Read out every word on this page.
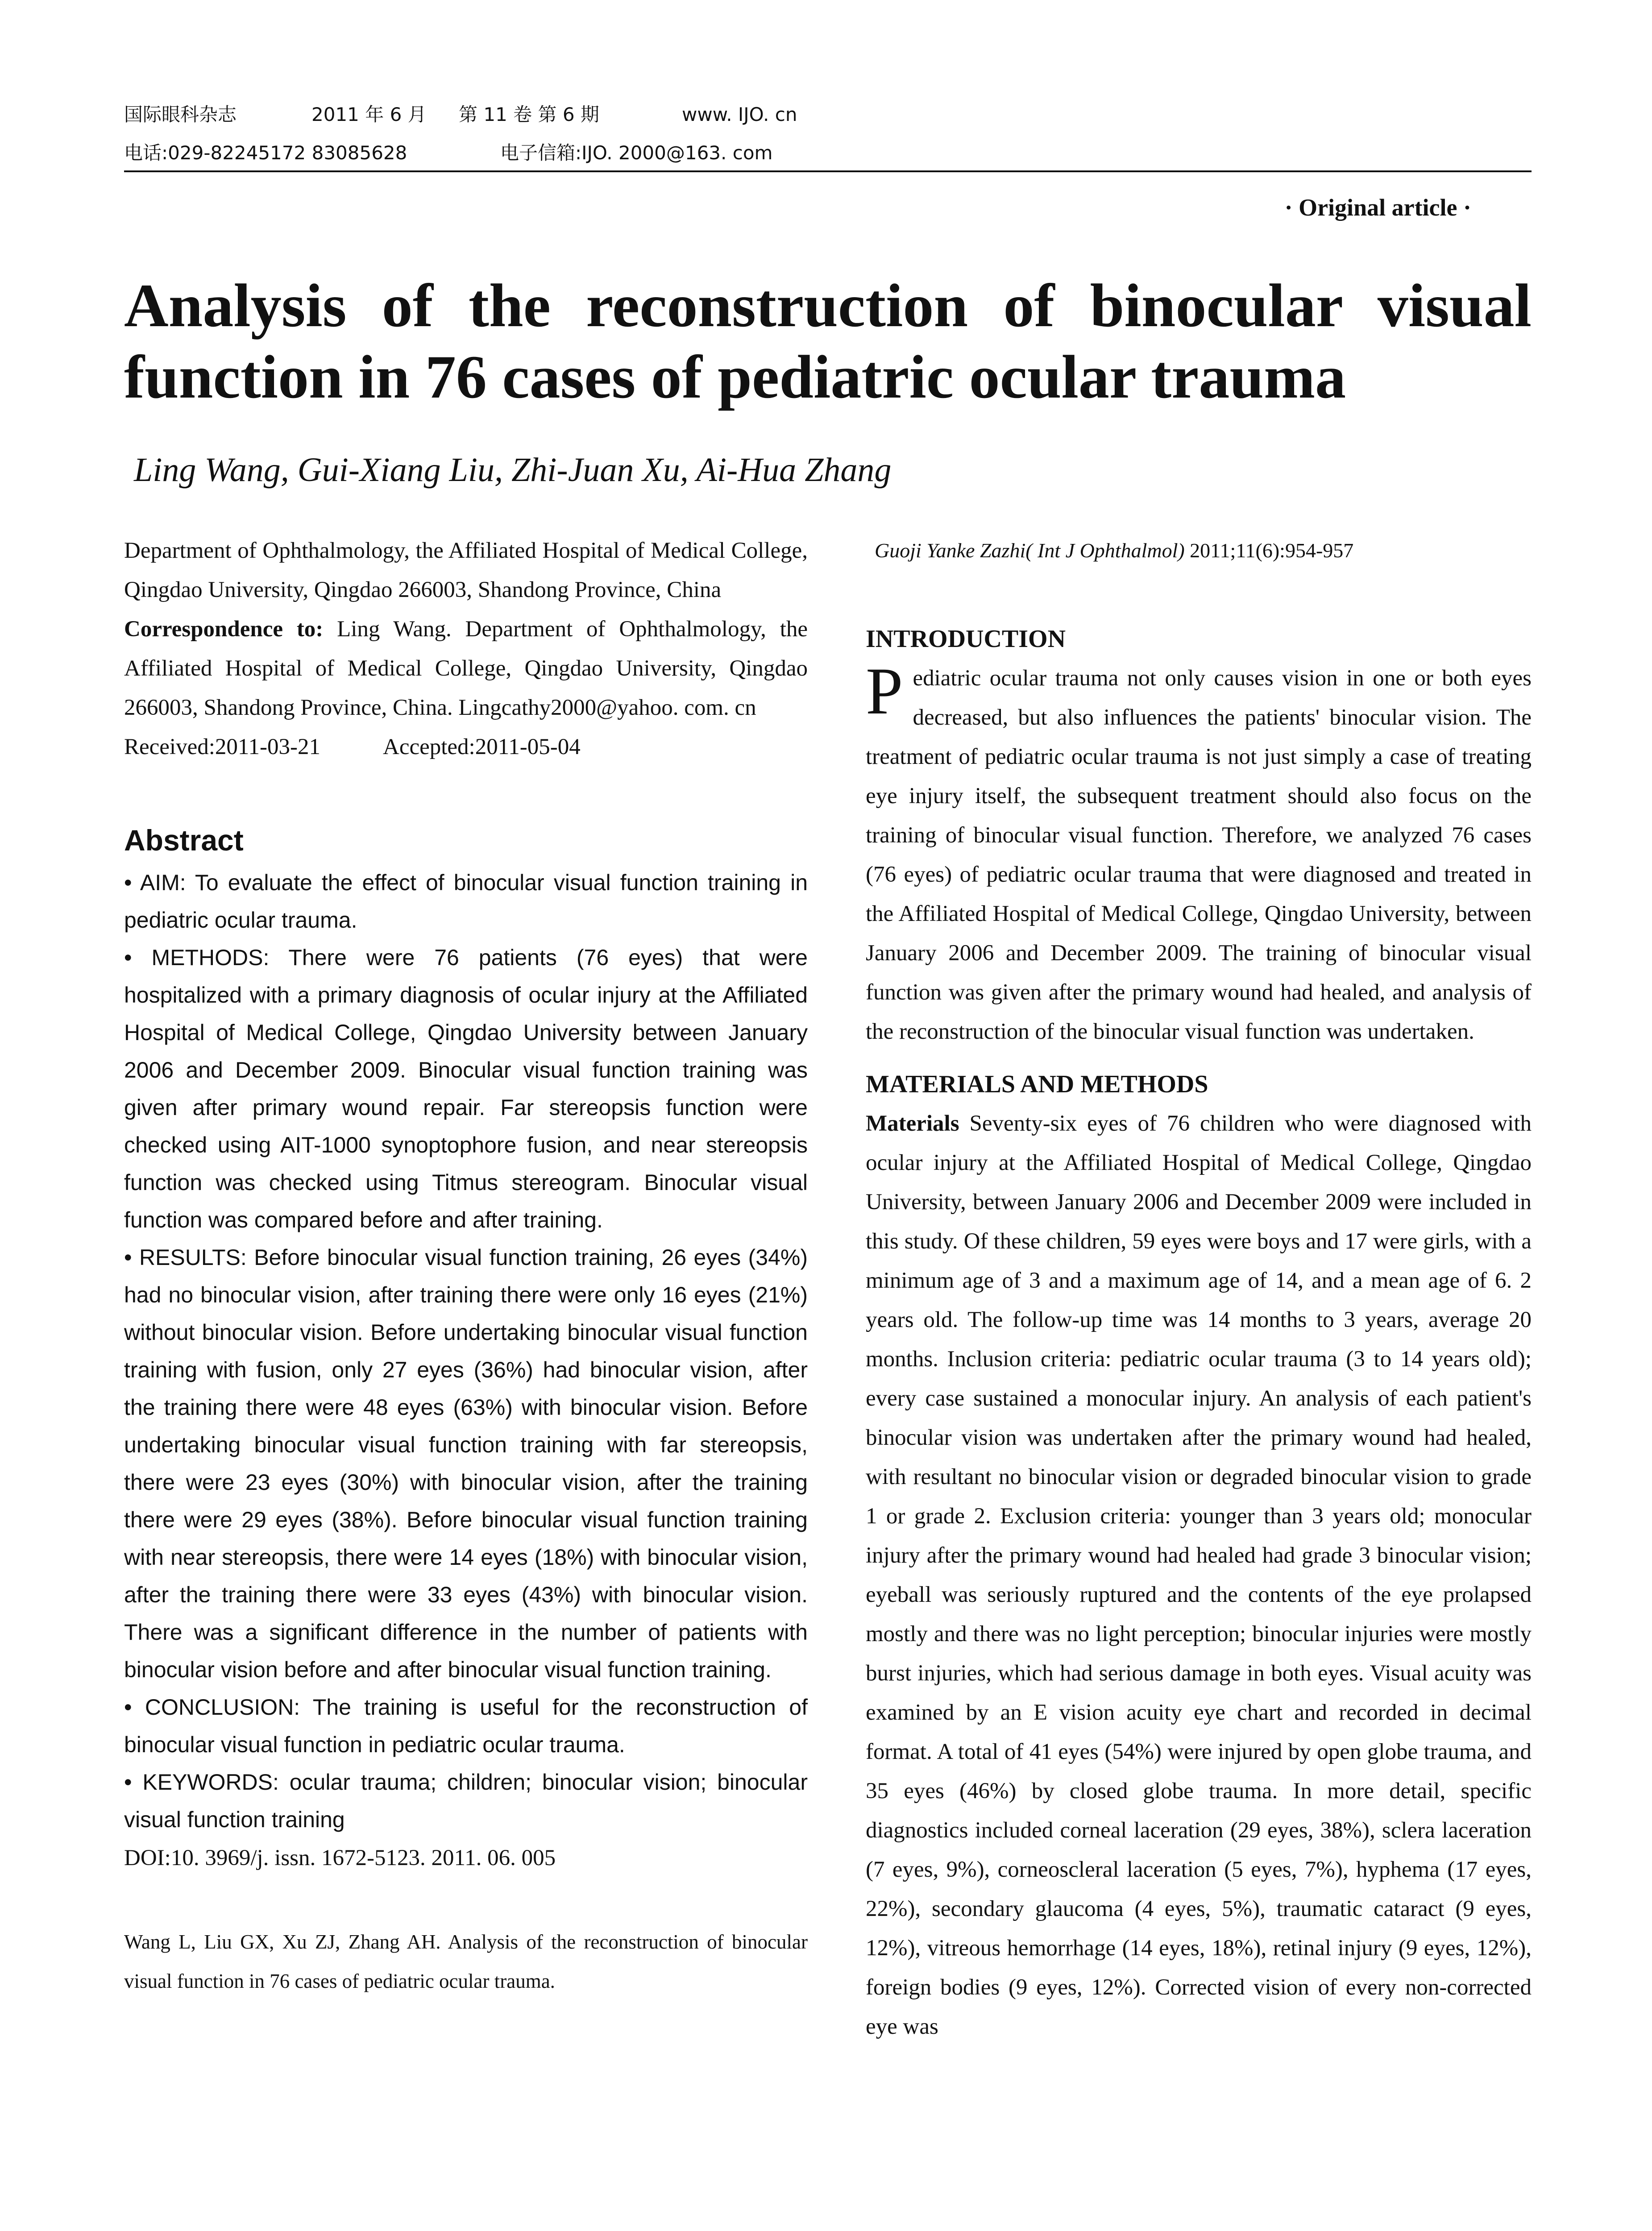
国际眼科杂志	2011 年 6 月 第 11 卷 第 6 期	www. IJO. cn
电话:029-82245172 83085628	电子信箱:IJO. 2000@163. com
· Original article ·
Analysis of the reconstruction of binocular visual function in 76 cases of pediatric ocular trauma
Ling Wang, Gui-Xiang Liu, Zhi-Juan Xu, Ai-Hua Zhang

Department of Ophthalmology, the Affiliated Hospital of Medical College, Qingdao University, Qingdao 266003, Shandong Province, China

Correspondence to: Ling Wang. Department of Ophthalmology, the Affiliated Hospital of Medical College, Qingdao University, Qingdao 266003, Shandong Province, China. Lingcathy2000@yahoo. com. cn

Received:2011-03-21	Accepted:2011-05-04

Abstract

• AIM: To evaluate the effect of binocular visual function training in pediatric ocular trauma.

• METHODS: There were 76 patients (76 eyes) that were hospitalized with a primary diagnosis of ocular injury at the Affiliated Hospital of Medical College, Qingdao University between January 2006 and December 2009. Binocular visual function training was given after primary wound repair. Far stereopsis function were checked using AIT-1000 synoptophore fusion, and near stereopsis function was checked using Titmus stereogram. Binocular visual function was compared before and after training.

• RESULTS: Before binocular visual function training, 26 eyes (34%) had no binocular vision, after training there were only 16 eyes (21%) without binocular vision. Before undertaking binocular visual function training with fusion, only 27 eyes (36%) had binocular vision, after the training there were 48 eyes (63%) with binocular vision. Before undertaking binocular visual function training with far stereopsis, there were 23 eyes (30%) with binocular vision, after the training there were 29 eyes (38%). Before binocular visual function training with near stereopsis, there were 14 eyes (18%) with binocular vision, after the training there were 33 eyes (43%) with binocular vision. There was a significant difference in the number of patients with binocular vision before and after binocular visual function training.

• CONCLUSION: The training is useful for the reconstruction of binocular visual function in pediatric ocular trauma.

• KEYWORDS: ocular trauma; children; binocular vision; binocular visual function training

DOI:10. 3969/j. issn. 1672-5123. 2011. 06. 005

Wang L, Liu GX, Xu ZJ, Zhang AH. Analysis of the reconstruction of binocular visual function in 76 cases of pediatric ocular trauma.

Guoji Yanke Zazhi( Int J Ophthalmol) 2011;11(6):954-957

INTRODUCTION

Pediatric ocular trauma not only causes vision in one or both eyes decreased, but also influences the patients' binocular vision. The treatment of pediatric ocular trauma is not just simply a case of treating eye injury itself, the subsequent treatment should also focus on the training of binocular visual function. Therefore, we analyzed 76 cases (76 eyes) of pediatric ocular trauma that were diagnosed and treated in the Affiliated Hospital of Medical College, Qingdao University, between January 2006 and December 2009. The training of binocular visual function was given after the primary wound had healed, and analysis of the reconstruction of the binocular visual function was undertaken.

MATERIALS AND METHODS

Materials Seventy-six eyes of 76 children who were diagnosed with ocular injury at the Affiliated Hospital of Medical College, Qingdao University, between January 2006 and December 2009 were included in this study. Of these children, 59 eyes were boys and 17 were girls, with a minimum age of 3 and a maximum age of 14, and a mean age of 6. 2 years old. The follow-up time was 14 months to 3 years, average 20 months. Inclusion criteria: pediatric ocular trauma (3 to 14 years old); every case sustained a monocular injury. An analysis of each patient's binocular vision was undertaken after the primary wound had healed, with resultant no binocular vision or degraded binocular vision to grade 1 or grade 2. Exclusion criteria: younger than 3 years old; monocular injury after the primary wound had healed had grade 3 binocular vision; eyeball was seriously ruptured and the contents of the eye prolapsed mostly and there was no light perception; binocular injuries were mostly burst injuries, which had serious damage in both eyes. Visual acuity was examined by an E vision acuity eye chart and recorded in decimal format. A total of 41 eyes (54%) were injured by open globe trauma, and 35 eyes (46%) by closed globe trauma. In more detail, specific diagnostics included corneal laceration (29 eyes, 38%), sclera laceration (7 eyes, 9%), corneoscleral laceration (5 eyes, 7%), hyphema (17 eyes, 22%), secondary glaucoma (4 eyes, 5%), traumatic cataract (9 eyes, 12%), vitreous hemorrhage (14 eyes, 18%), retinal injury (9 eyes, 12%), foreign bodies (9 eyes, 12%). Corrected vision of every non-corrected eye was
